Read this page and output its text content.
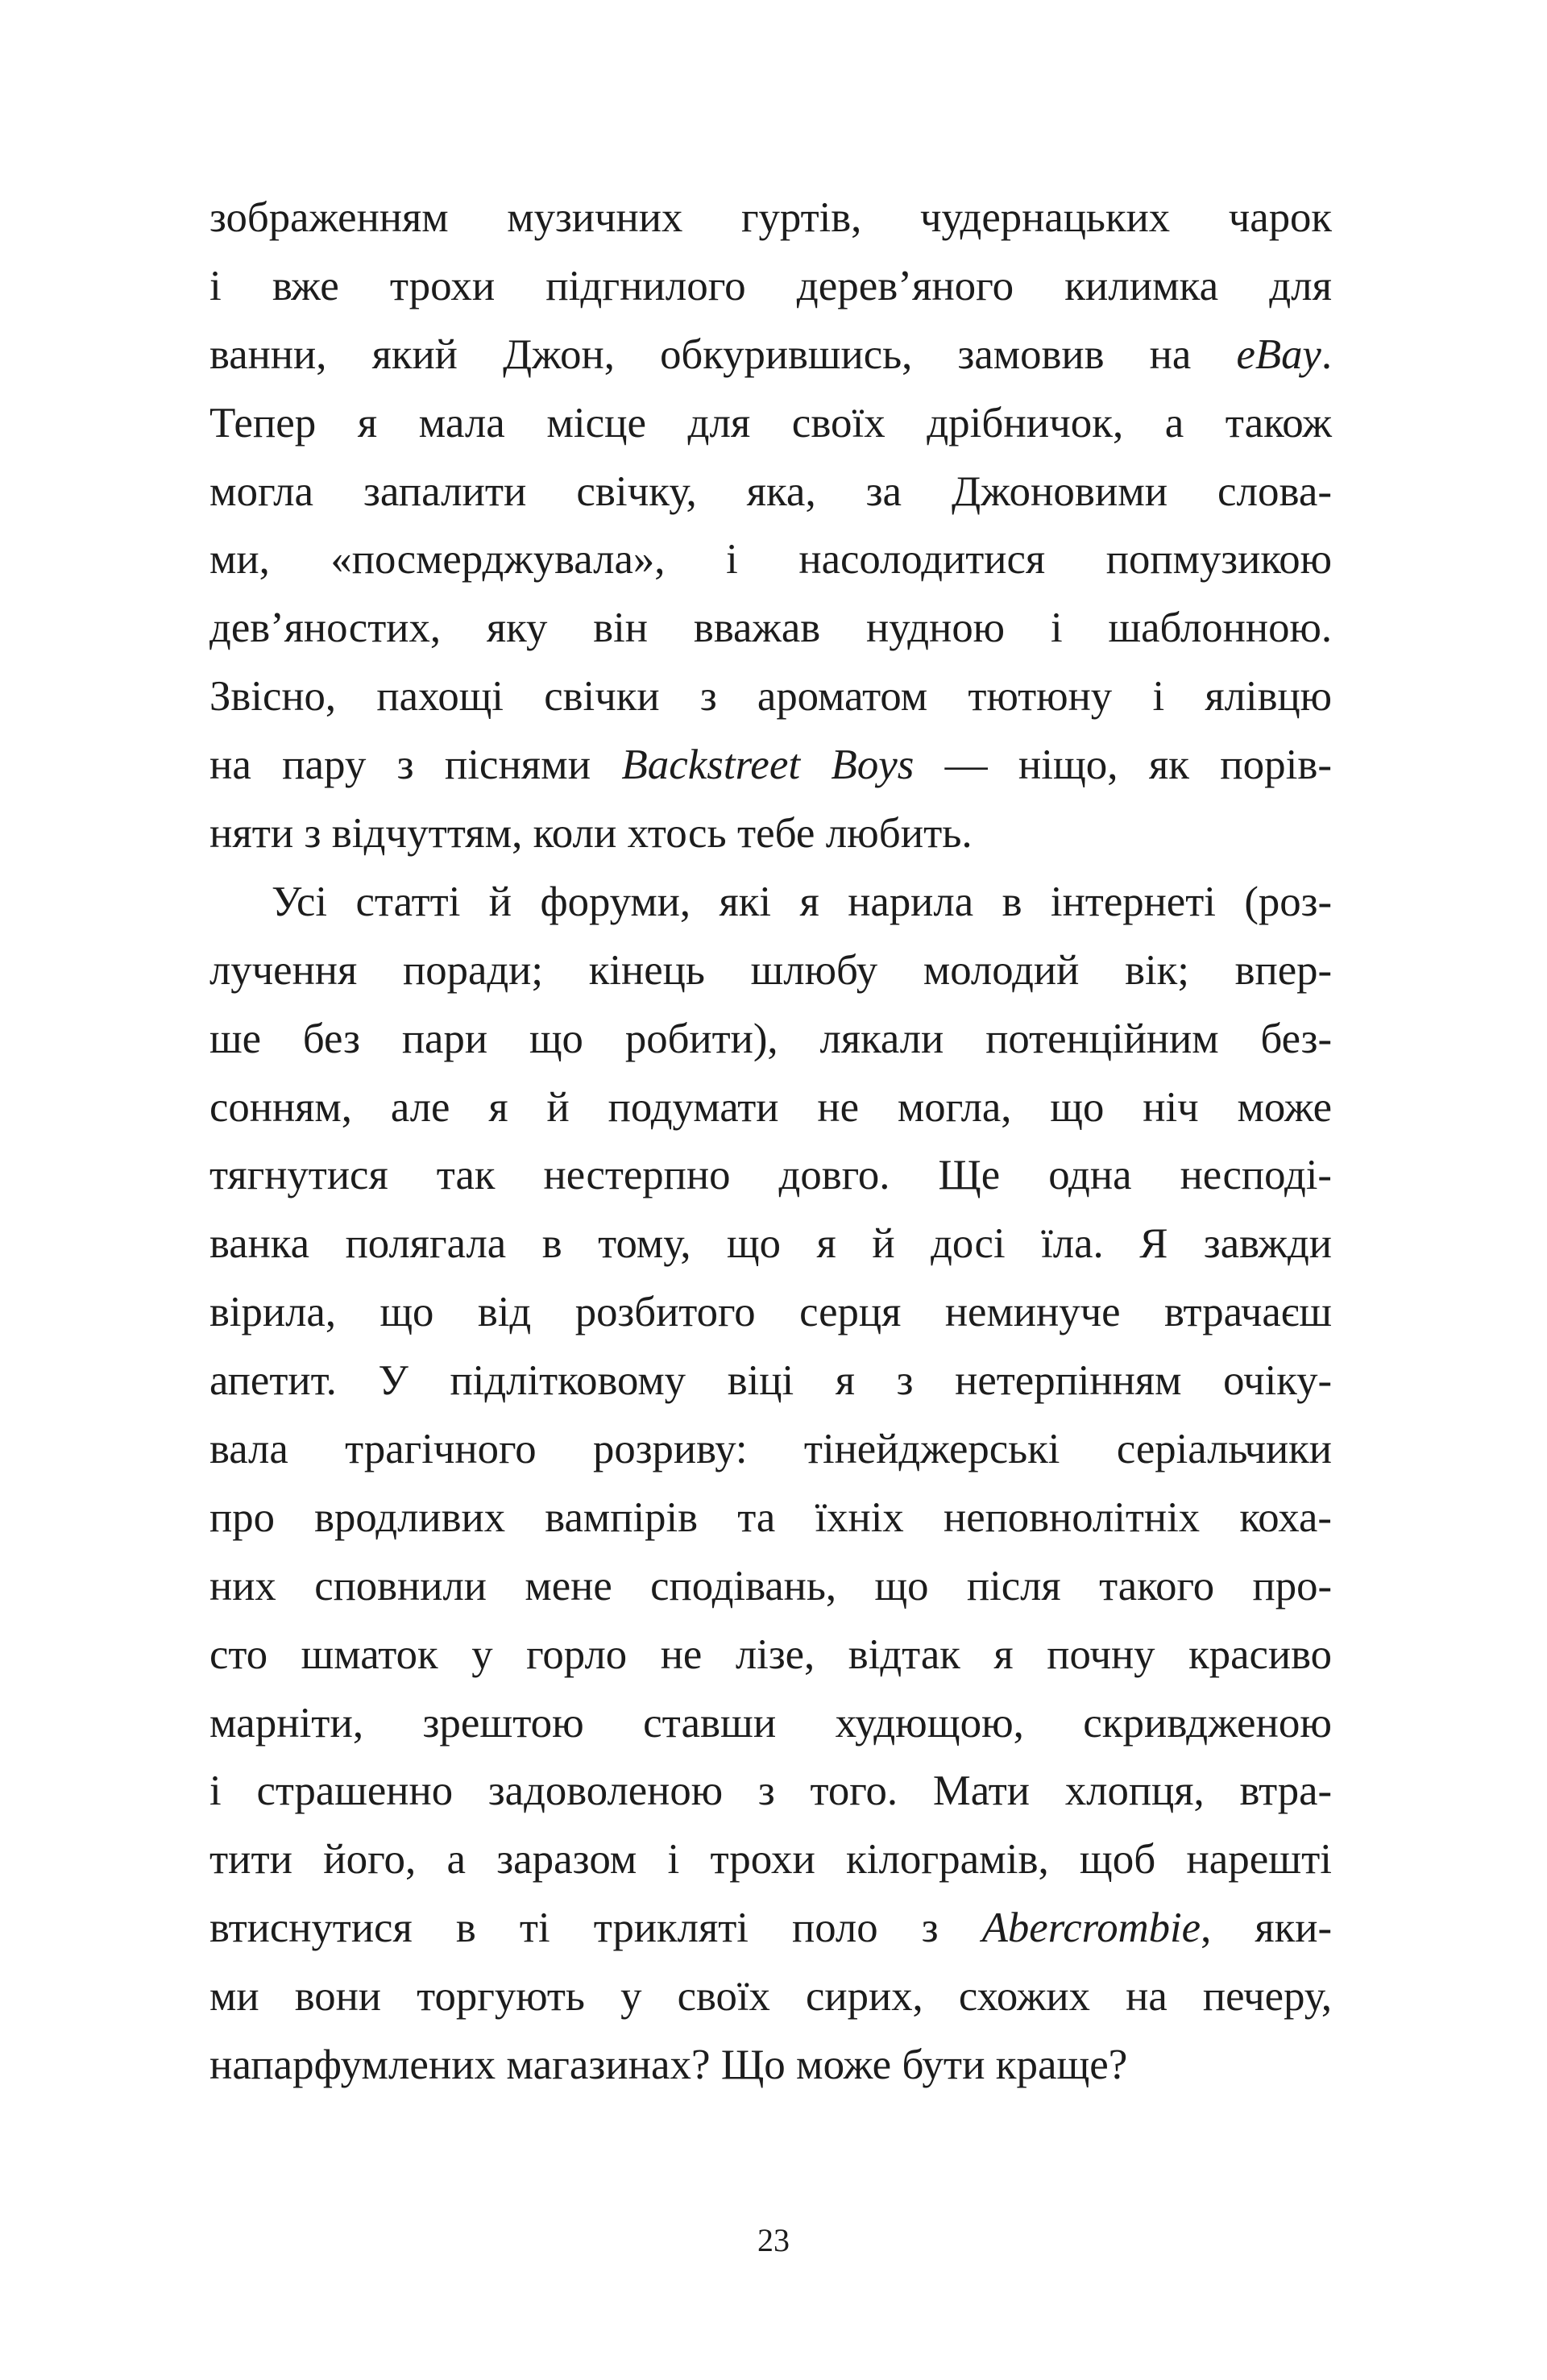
зображенням музичних гуртів, чудернацьких чарок
і вже трохи підгнилого дерев’яного килимка для
ванни, який Джон, обкурившись, замовив на eBay.
Тепер я мала місце для своїх дрібничок, а також
могла запалити свічку, яка, за Джоновими слова-
ми, «посмерджувала», і насолодитися попмузикою
дев’яностих, яку він вважав нудною і шаблонною.
Звісно, пахощі свічки з ароматом тютюну і ялівцю
на пару з піснями Backstreet Boys — ніщо, як порів-
няти з відчуттям, коли хтось тебе любить.
Усі статті й форуми, які я нарила в інтернеті (роз-
лучення поради; кінець шлюбу молодий вік; впер-
ше без пари що робити), лякали потенційним без-
сонням, але я й подумати не могла, що ніч може
тягнутися так нестерпно довго. Ще одна несподі-
ванка полягала в тому, що я й досі їла. Я завжди
вірила, що від розбитого серця неминуче втрачаєш
апетит. У підлітковому віці я з нетерпінням очіку-
вала трагічного розриву: тінейджерські серіальчики
про вродливих вампірів та їхніх неповнолітніх коха-
них сповнили мене сподівань, що після такого про-
сто шматок у горло не лізе, відтак я почну красиво
марніти, зрештою ставши худющою, скривдженою
і страшенно задоволеною з того. Мати хлопця, втра-
тити його, а заразом і трохи кілограмів, щоб нарешті
втиснутися в ті трикляті поло з Abercrombie, яки-
ми вони торгують у своїх сирих, схожих на печеру,
напарфумлених магазинах? Що може бути краще?
23
